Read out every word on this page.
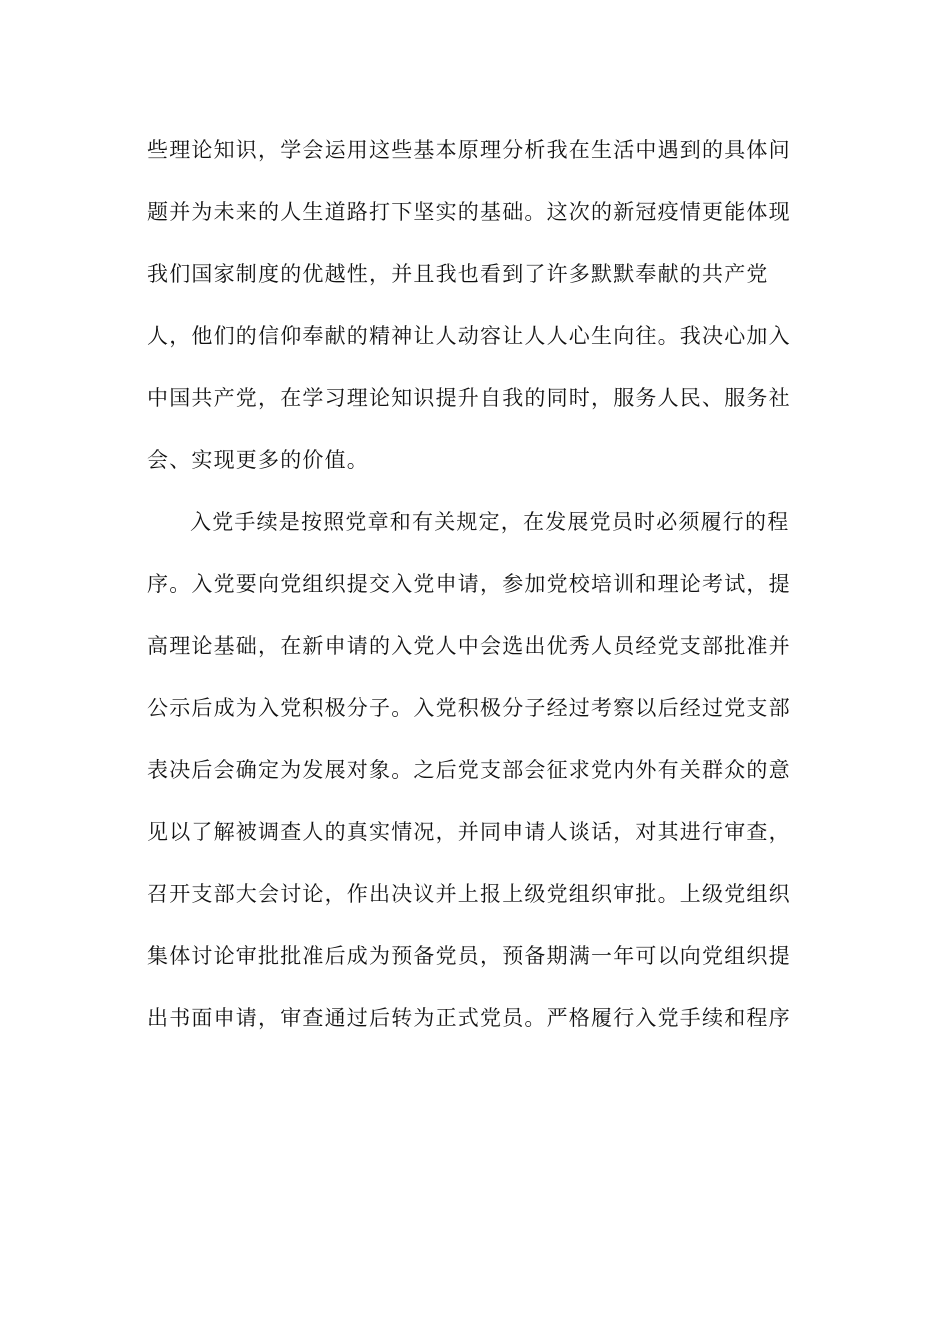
些理论知识，学会运用这些基本原理分析我在生活中遇到的具体问
题并为未来的人生道路打下坚实的基础。这次的新冠疫情更能体现
我们国家制度的优越性，并且我也看到了许多默默奉献的共产党
人，他们的信仰奉献的精神让人动容让人人心生向往。我决心加入
中国共产党，在学习理论知识提升自我的同时，服务人民、服务社
会、实现更多的价值。
入党手续是按照党章和有关规定，在发展党员时必须履行的程
序。入党要向党组织提交入党申请，参加党校培训和理论考试，提
高理论基础，在新申请的入党人中会选出优秀人员经党支部批准并
公示后成为入党积极分子。入党积极分子经过考察以后经过党支部
表决后会确定为发展对象。之后党支部会征求党内外有关群众的意
见以了解被调查人的真实情况，并同申请人谈话，对其进行审查，
召开支部大会讨论，作出决议并上报上级党组织审批。上级党组织
集体讨论审批批准后成为预备党员，预备期满一年可以向党组织提
出书面申请，审查通过后转为正式党员。严格履行入党手续和程序
